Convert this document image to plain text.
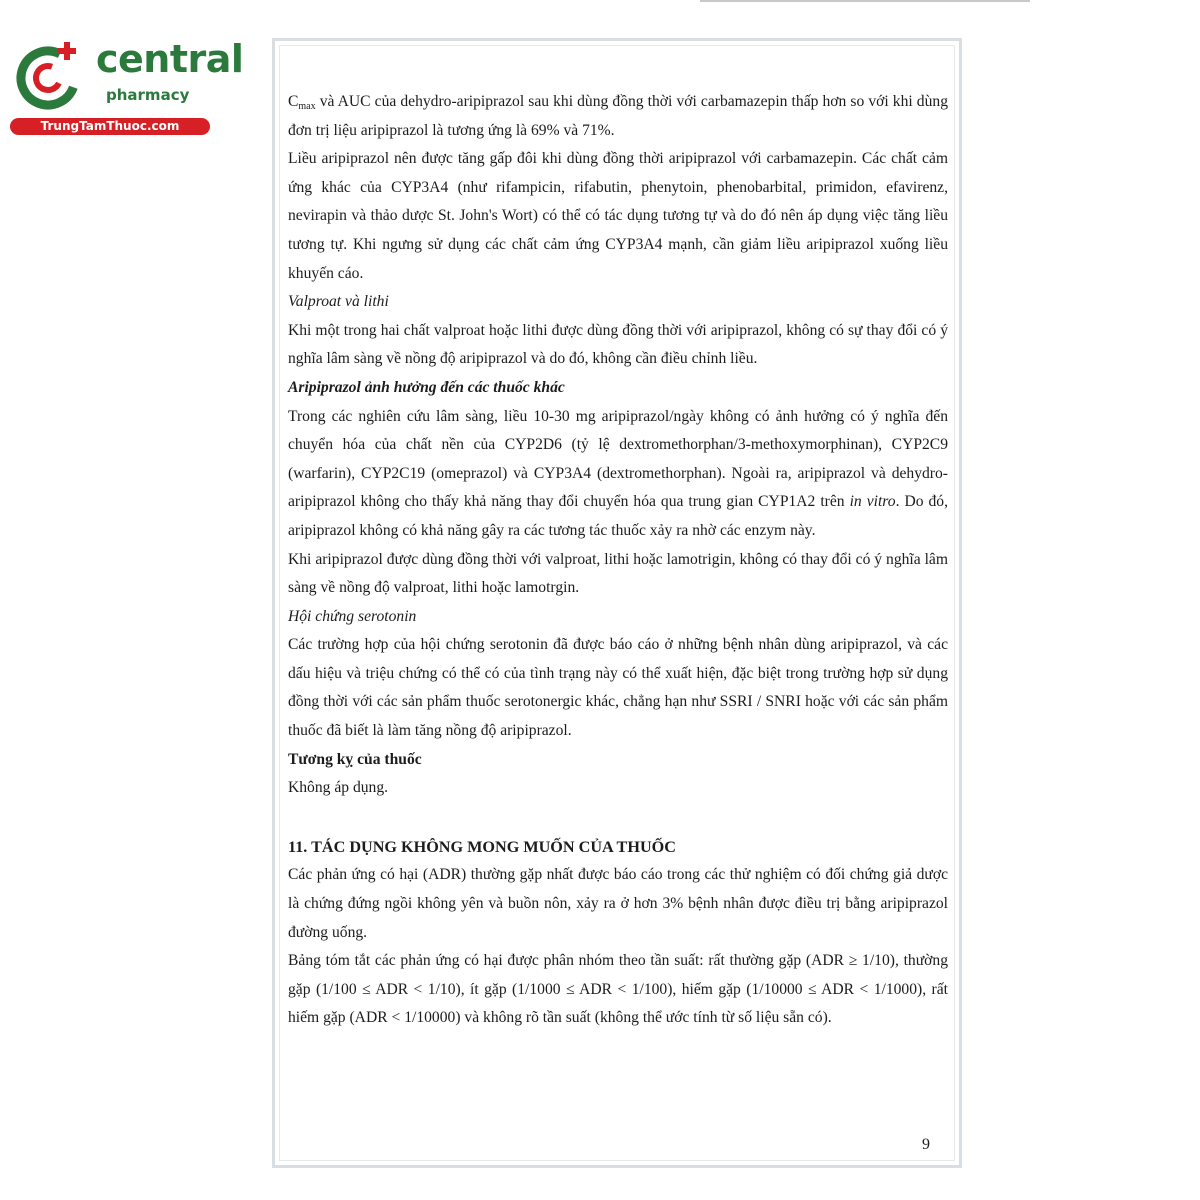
central
pharmacy
TrungTamThuoc.com

$C_{max}$ và AUC của dehydro-aripiprazol sau khi dùng đồng thời với carbamazepin thấp hơn so với khi dùng đơn trị liệu aripiprazol là tương ứng là 69% và 71%.

Liều aripiprazol nên được tăng gấp đôi khi dùng đồng thời aripiprazol với carbamazepin. Các chất cảm ứng khác của CYP3A4 (như rifampicin, rifabutin, phenytoin, phenobarbital, primidon, efavirenz, nevirapin và thảo dược St. John's Wort) có thể có tác dụng tương tự và do đó nên áp dụng việc tăng liều tương tự. Khi ngưng sử dụng các chất cảm ứng CYP3A4 mạnh, cần giảm liều aripiprazol xuống liều khuyến cáo.

Valproat và lithi

Khi một trong hai chất valproat hoặc lithi được dùng đồng thời với aripiprazol, không có sự thay đổi có ý nghĩa lâm sàng về nồng độ aripiprazol và do đó, không cần điều chỉnh liều.

Aripiprazol ảnh hưởng đến các thuốc khác

Trong các nghiên cứu lâm sàng, liều 10-30 mg aripiprazol/ngày không có ảnh hưởng có ý nghĩa đến chuyển hóa của chất nền của CYP2D6 (tỷ lệ dextromethorphan/3-methoxymorphinan), CYP2C9 (warfarin), CYP2C19 (omeprazol) và CYP3A4 (dextromethorphan). Ngoài ra, aripiprazol và dehydro-aripiprazol không cho thấy khả năng thay đổi chuyển hóa qua trung gian CYP1A2 trên in vitro. Do đó, aripiprazol không có khả năng gây ra các tương tác thuốc xảy ra nhờ các enzym này.

Khi aripiprazol được dùng đồng thời với valproat, lithi hoặc lamotrigin, không có thay đổi có ý nghĩa lâm sàng về nồng độ valproat, lithi hoặc lamotrgin.

Hội chứng serotonin

Các trường hợp của hội chứng serotonin đã được báo cáo ở những bệnh nhân dùng aripiprazol, và các dấu hiệu và triệu chứng có thể có của tình trạng này có thể xuất hiện, đặc biệt trong trường hợp sử dụng đồng thời với các sản phẩm thuốc serotonergic khác, chẳng hạn như SSRI / SNRI hoặc với các sản phẩm thuốc đã biết là làm tăng nồng độ aripiprazol.

Tương kỵ của thuốc

Không áp dụng.

11. TÁC DỤNG KHÔNG MONG MUỐN CỦA THUỐC

Các phản ứng có hại (ADR) thường gặp nhất được báo cáo trong các thử nghiệm có đối chứng giả dược là chứng đứng ngồi không yên và buồn nôn, xảy ra ở hơn 3% bệnh nhân được điều trị bằng aripiprazol đường uống.

Bảng tóm tắt các phản ứng có hại được phân nhóm theo tần suất: rất thường gặp (ADR ≥ 1/10), thường gặp (1/100 ≤ ADR < 1/10), ít gặp (1/1000 ≤ ADR < 1/100), hiếm gặp (1/10000 ≤ ADR < 1/1000), rất hiếm gặp (ADR < 1/10000) và không rõ tần suất (không thể ước tính từ số liệu sẵn có).

9
